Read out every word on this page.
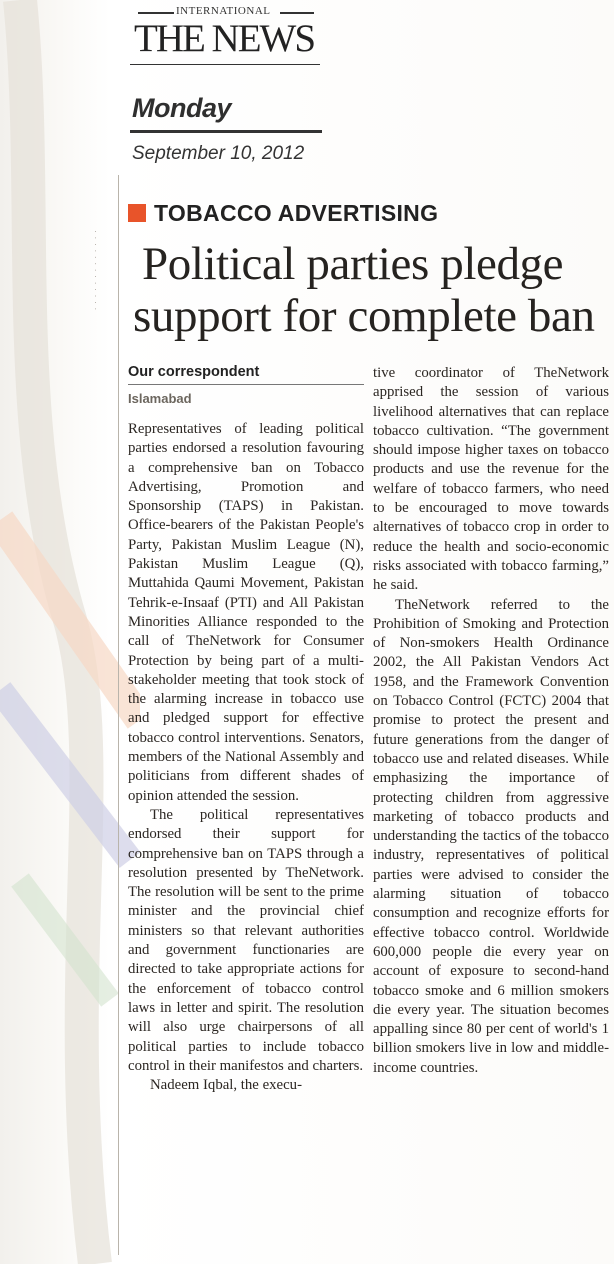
· · · · · · · · · · · · ·
INTERNATIONAL
THE NEWS
Monday
September 10, 2012
TOBACCO ADVERTISING
Political parties pledge
support for complete ban
Our correspondent
Islamabad

Representatives of leading political parties endorsed a resolution favouring a comprehensive ban on Tobacco Advertising, Promotion and Sponsorship (TAPS) in Pakistan. Office-bearers of the Pakistan People's Party, Pakistan Muslim League (N), Pakistan Muslim League (Q), Muttahida Qaumi Movement, Pakistan Tehrik-e-Insaaf (PTI) and All Pakistan Minorities Alliance responded to the call of TheNetwork for Consumer Protection by being part of a multi-stakeholder meeting that took stock of the alarming increase in tobacco use and pledged support for effective tobacco control interventions. Senators, members of the National Assembly and politicians from different shades of opinion attended the session.

The political representatives endorsed their support for comprehensive ban on TAPS through a resolution presented by TheNetwork. The resolution will be sent to the prime minister and the provincial chief ministers so that relevant authorities and government functionaries are directed to take appropriate actions for the enforcement of tobacco control laws in letter and spirit. The resolution will also urge chairpersons of all political parties to include tobacco control in their manifestos and charters.

Nadeem Iqbal, the execu-

tive coordinator of TheNetwork apprised the session of various livelihood alternatives that can replace tobacco cultivation. “The government should impose higher taxes on tobacco products and use the revenue for the welfare of tobacco farmers, who need to be encouraged to move towards alternatives of tobacco crop in order to reduce the health and socio-economic risks associated with tobacco farming,” he said.

TheNetwork referred to the Prohibition of Smoking and Protection of Non-smokers Health Ordinance 2002, the All Pakistan Vendors Act 1958, and the Framework Convention on Tobacco Control (FCTC) 2004 that promise to protect the present and future generations from the danger of tobacco use and related diseases. While emphasizing the importance of protecting children from aggressive marketing of tobacco products and understanding the tactics of the tobacco industry, representatives of political parties were advised to consider the alarming situation of tobacco consumption and recognize efforts for effective tobacco control. Worldwide 600,000 people die every year on account of exposure to second-hand tobacco smoke and 6 million smokers die every year. The situation becomes appalling since 80 per cent of world's 1 billion smokers live in low and middle-income countries.
